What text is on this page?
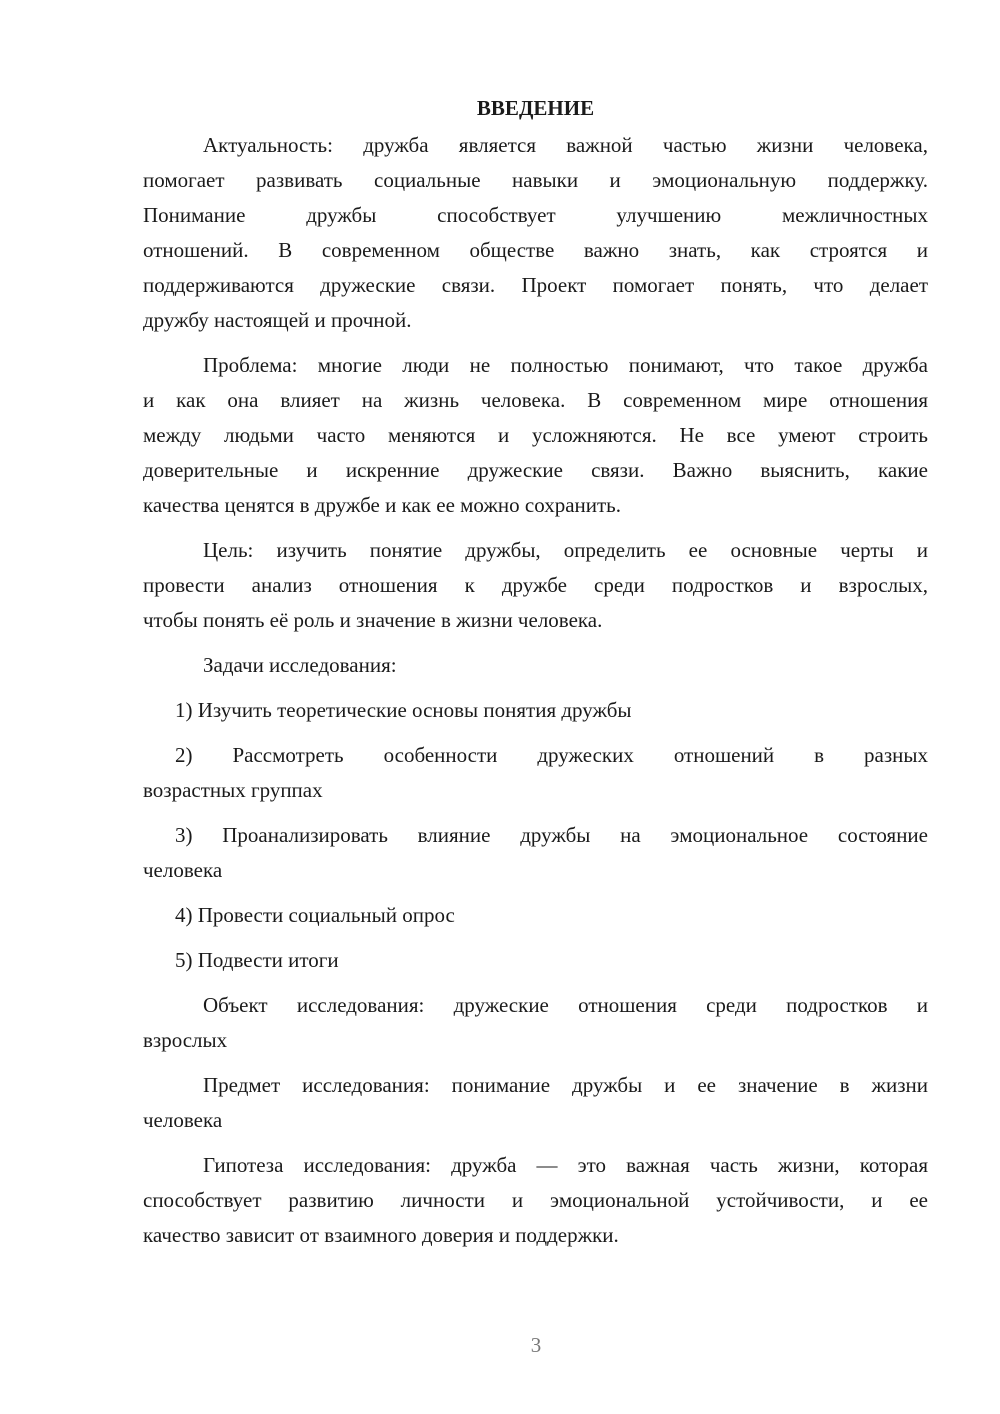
ВВЕДЕНИЕ
Актуальность: дружба является важной частью жизни человека,
помогает развивать социальные навыки и эмоциональную поддержку.
Понимание дружбы способствует улучшению межличностных
отношений. В современном обществе важно знать, как строятся и
поддерживаются дружеские связи. Проект помогает понять, что делает
дружбу настоящей и прочной.
Проблема: многие люди не полностью понимают, что такое дружба
и как она влияет на жизнь человека. В современном мире отношения
между людьми часто меняются и усложняются. Не все умеют строить
доверительные и искренние дружеские связи. Важно выяснить, какие
качества ценятся в дружбе и как ее можно сохранить.
Цель: изучить понятие дружбы, определить ее основные черты и
провести анализ отношения к дружбе среди подростков и взрослых,
чтобы понять её роль и значение в жизни человека.
Задачи исследования:
1) Изучить теоретические основы понятия дружбы
2) Рассмотреть особенности дружеских отношений в разных
возрастных группах
3) Проанализировать влияние дружбы на эмоциональное состояние
человека
4) Провести социальный опрос
5) Подвести итоги
Объект исследования: дружеские отношения среди подростков и
взрослых
Предмет исследования: понимание дружбы и ее значение в жизни
человека
Гипотеза исследования: дружба — это важная часть жизни, которая
способствует развитию личности и эмоциональной устойчивости, и ее
качество зависит от взаимного доверия и поддержки.
3
